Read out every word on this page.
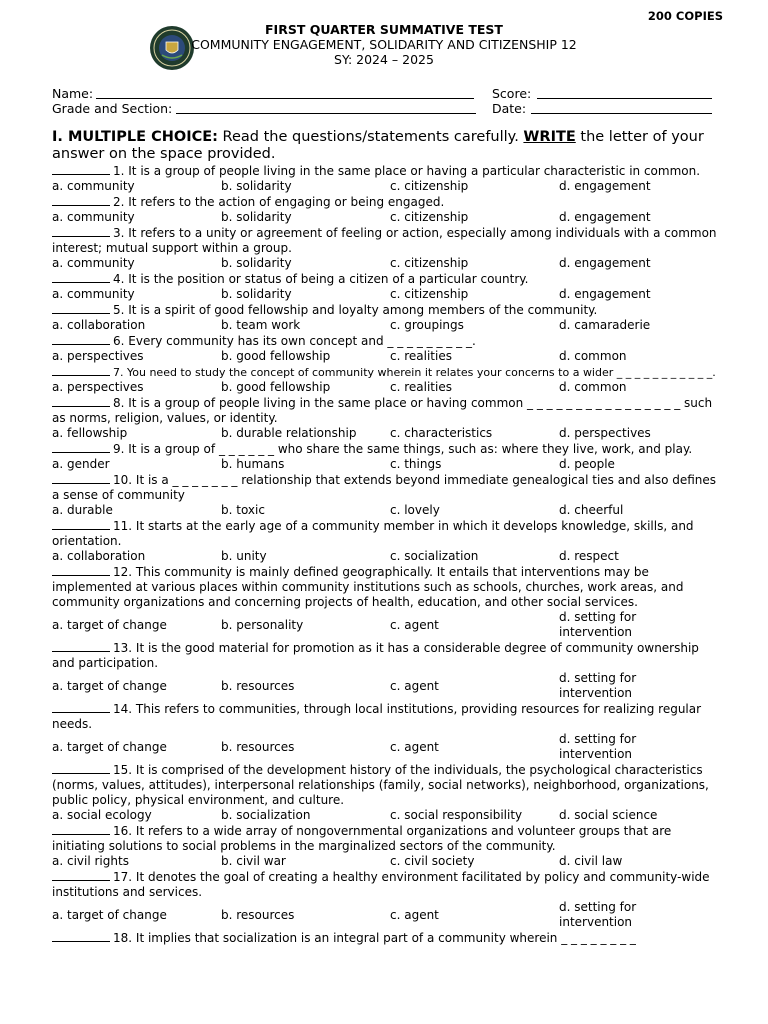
200 COPIES
FIRST QUARTER SUMMATIVE TEST
COMMUNITY ENGAGEMENT, SOLIDARITY AND CITIZENSHIP 12
SY: 2024 – 2025
Name:	Score:
Grade and Section:	Date:
I. MULTIPLE CHOICE: Read the questions/statements carefully. WRITE the letter of your answer on the space provided.
1. It is a group of people living in the same place or having a particular characteristic in common.
a. community	b. solidarity	c. citizenship	d. engagement
2. It refers to the action of engaging or being engaged.
a. community	b. solidarity	c. citizenship	d. engagement
3. It refers to a unity or agreement of feeling or action, especially among individuals with a common interest; mutual support within a group.
a. community	b. solidarity	c. citizenship	d. engagement
4. It is the position or status of being a citizen of a particular country.
a. community	b. solidarity	c. citizenship	d. engagement
5. It is a spirit of good fellowship and loyalty among members of the community.
a. collaboration	b. team work	c. groupings	d. camaraderie
6. Every community has its own concept and _ _ _ _ _ _ _ _ _.
a. perspectives	b. good fellowship	c. realities	d. common
7. You need to study the concept of community wherein it relates your concerns to a wider _ _ _ _ _ _ _ _ _ _ _.
a. perspectives	b. good fellowship	c. realities	d. common
8. It is a group of people living in the same place or having common _ _ _ _ _ _ _ _ _ _ _ _ _ _ _ _ such as norms, religion, values, or identity.
a. fellowship	b. durable relationship	c. characteristics	d. perspectives
9. It is a group of _ _ _ _ _ _ who share the same things, such as: where they live, work, and play.
a. gender	b. humans	c. things	d. people
10. It is a _ _ _ _ _ _ _ relationship that extends beyond immediate genealogical ties and also defines a sense of community
a. durable	b. toxic	c. lovely	d. cheerful
11. It starts at the early age of a community member in which it develops knowledge, skills, and orientation.
a. collaboration	b. unity	c. socialization	d. respect
12. This community is mainly defined geographically. It entails that interventions may be implemented at various places within community institutions such as schools, churches, work areas, and community organizations and concerning projects of health, education, and other social services.
a. target of change	b. personality	c. agent
d. setting for intervention
13. It is the good material for promotion as it has a considerable degree of community ownership and participation.
a. target of change	b. resources	c. agent
d. setting for intervention
14. This refers to communities, through local institutions, providing resources for realizing regular needs.
a. target of change	b. resources	c. agent
d. setting for intervention
15. It is comprised of the development history of the individuals, the psychological characteristics (norms, values, attitudes), interpersonal relationships (family, social networks), neighborhood, organizations, public policy, physical environment, and culture.
a. social ecology	b. socialization	c. social responsibility	d. social science
16. It refers to a wide array of nongovernmental organizations and volunteer groups that are initiating solutions to social problems in the marginalized sectors of the community.
a. civil rights	b. civil war	c. civil society	d. civil law
17. It denotes the goal of creating a healthy environment facilitated by policy and community-wide institutions and services.
a. target of change	b. resources	c. agent
d. setting for intervention
18. It implies that socialization is an integral part of a community wherein _ _ _ _ _ _ _ _
